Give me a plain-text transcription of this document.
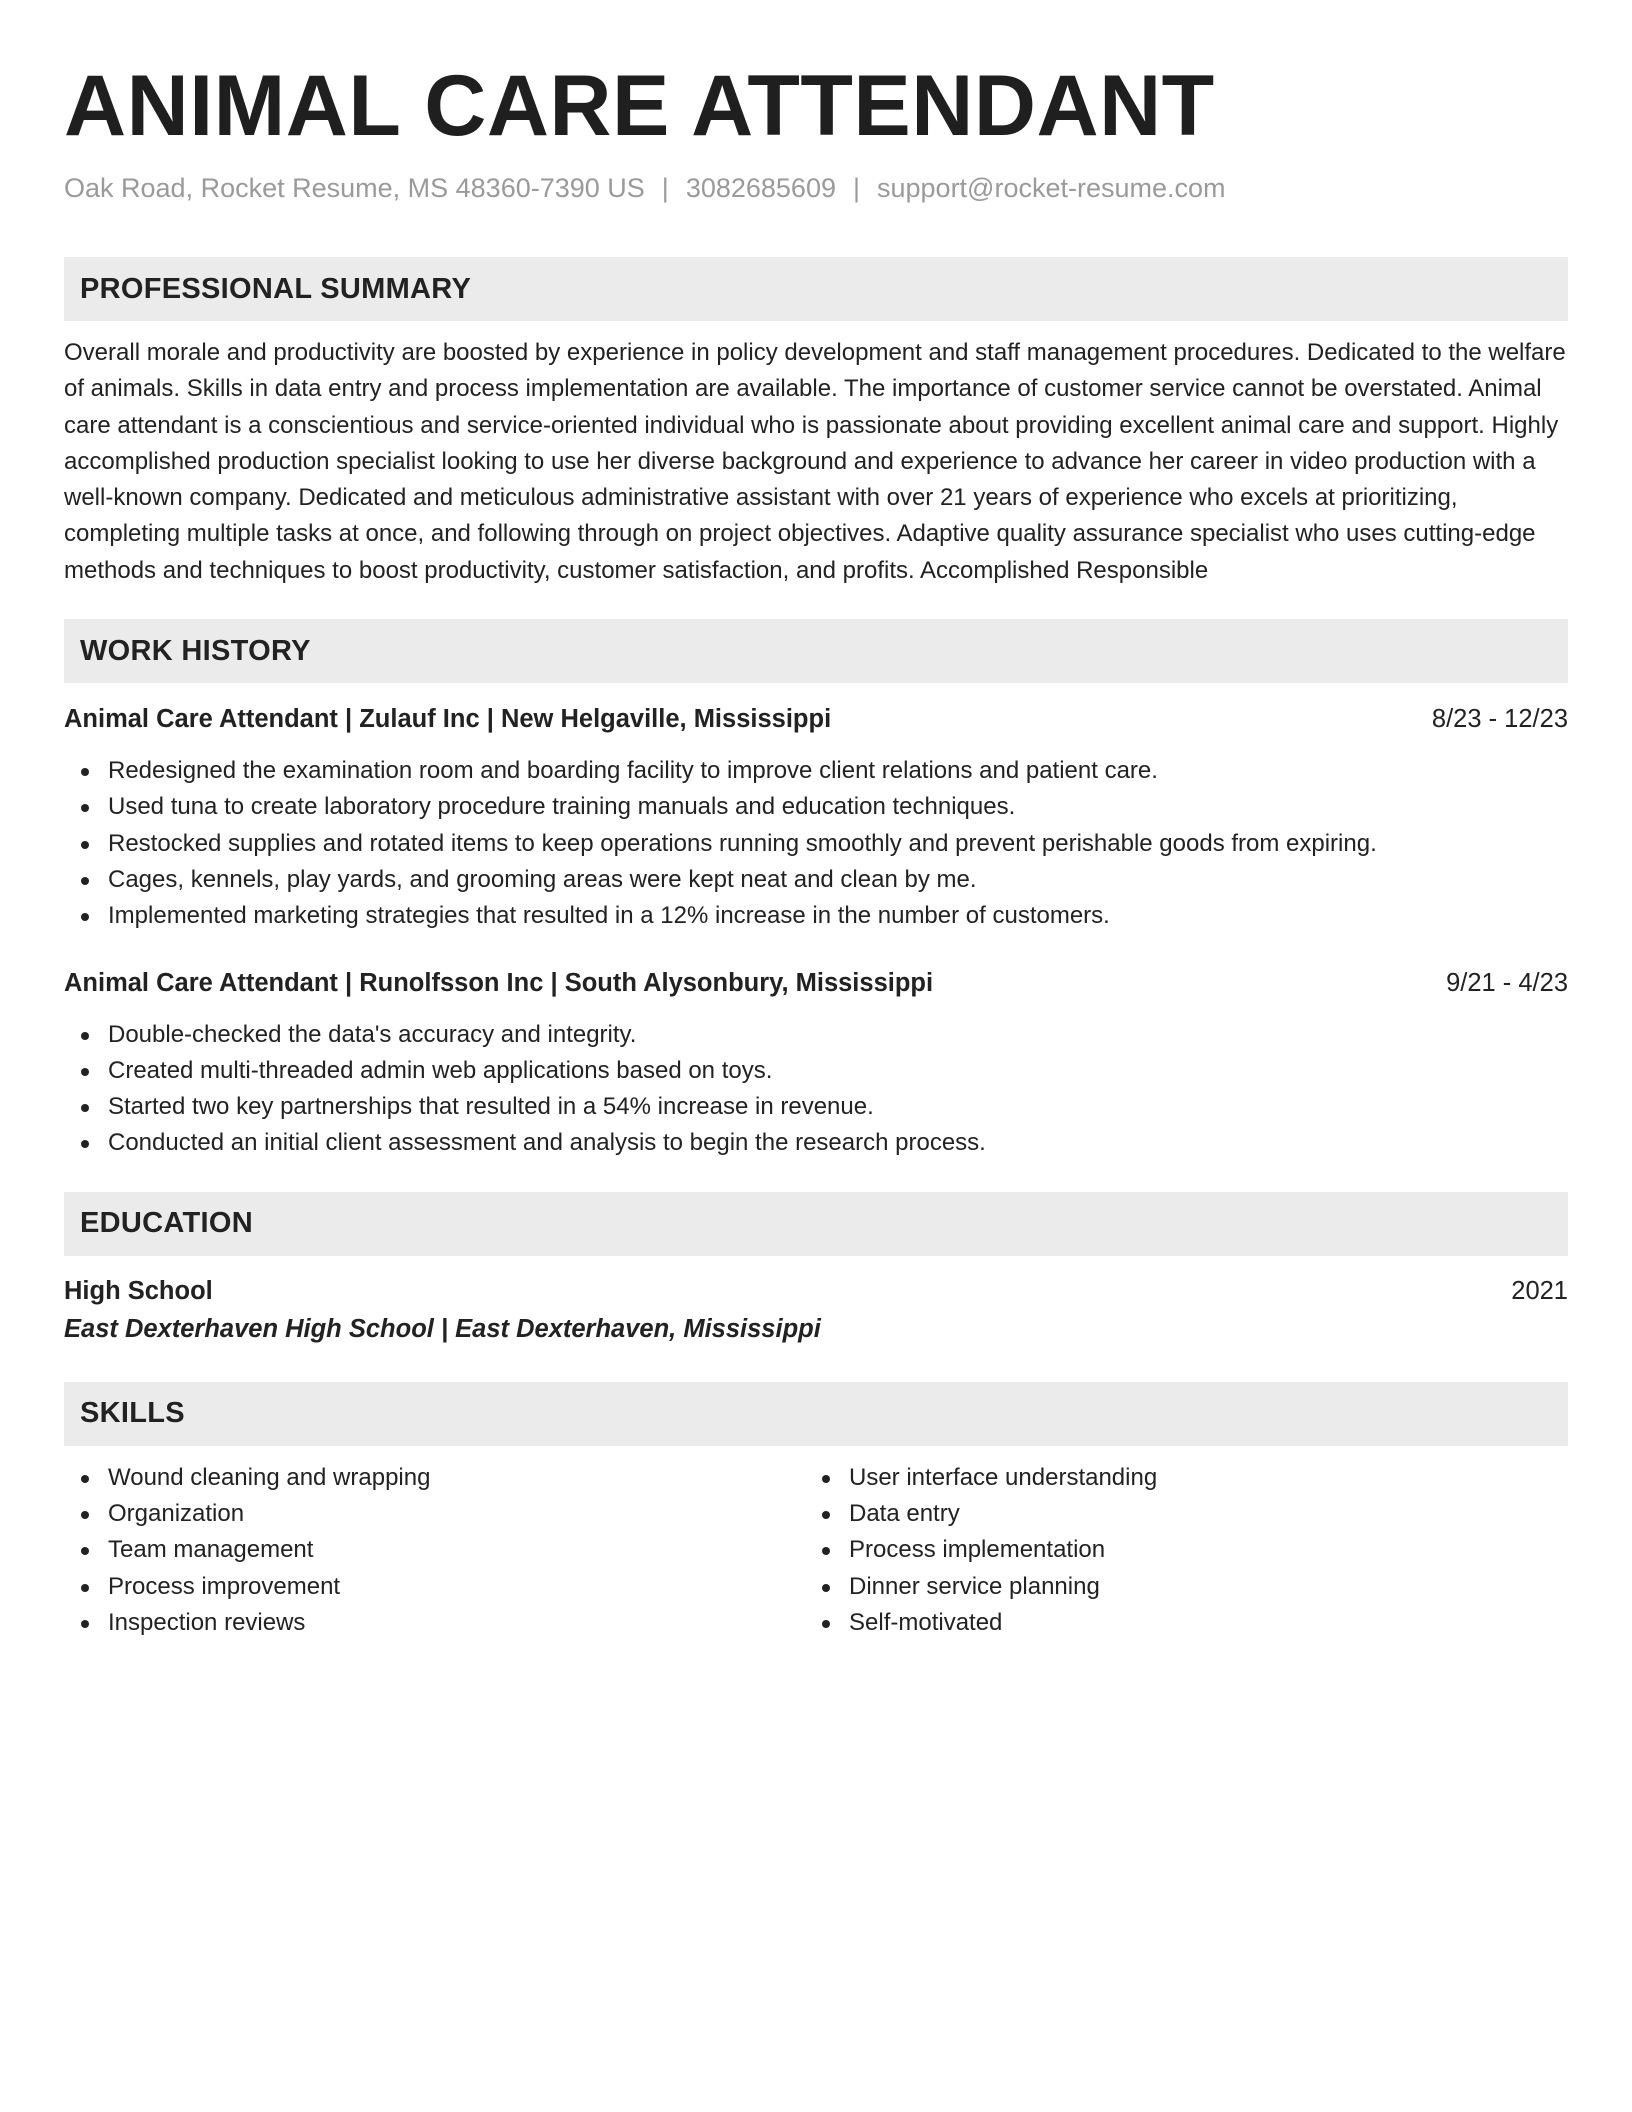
ANIMAL CARE ATTENDANT
Oak Road, Rocket Resume, MS 48360-7390 US | 3082685609 | support@rocket-resume.com
PROFESSIONAL SUMMARY

Overall morale and productivity are boosted by experience in policy development and staff management procedures. Dedicated to the welfare of animals. Skills in data entry and process implementation are available. The importance of customer service cannot be overstated. Animal care attendant is a conscientious and service-oriented individual who is passionate about providing excellent animal care and support. Highly accomplished production specialist looking to use her diverse background and experience to advance her career in video production with a well-known company. Dedicated and meticulous administrative assistant with over 21 years of experience who excels at prioritizing, completing multiple tasks at once, and following through on project objectives. Adaptive quality assurance specialist who uses cutting-edge methods and techniques to boost productivity, customer satisfaction, and profits. Accomplished Responsible

WORK HISTORY
Animal Care Attendant | Zulauf Inc | New Helgaville, Mississippi	8/23 - 12/23
Redesigned the examination room and boarding facility to improve client relations and patient care.
Used tuna to create laboratory procedure training manuals and education techniques.
Restocked supplies and rotated items to keep operations running smoothly and prevent perishable goods from expiring.
Cages, kennels, play yards, and grooming areas were kept neat and clean by me.
Implemented marketing strategies that resulted in a 12% increase in the number of customers.
Animal Care Attendant | Runolfsson Inc | South Alysonbury, Mississippi	9/21 - 4/23
Double-checked the data's accuracy and integrity.
Created multi-threaded admin web applications based on toys.
Started two key partnerships that resulted in a 54% increase in revenue.
Conducted an initial client assessment and analysis to begin the research process.
EDUCATION
High School	2021
East Dexterhaven High School | East Dexterhaven, Mississippi
SKILLS
Wound cleaning and wrapping
Organization
Team management
Process improvement
Inspection reviews
User interface understanding
Data entry
Process implementation
Dinner service planning
Self-motivated
